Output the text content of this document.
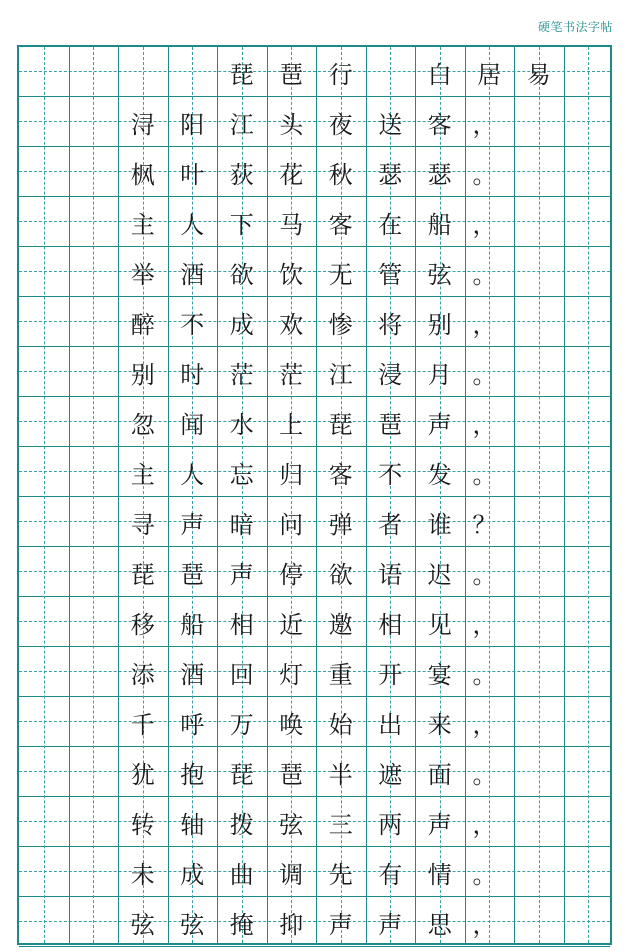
硬笔书法字帖
琵	琶	行	白	居	易
浔	阳	江	头	夜	送	客 ，
枫	叶	荻	花	秋	瑟	瑟 。
主	人	下	马	客	在	船 ，
举	酒	欲	饮	无	管	弦 。
醉	不	成	欢	惨	将	别 ，
别	时	茫	茫	江	浸	月 。
忽	闻	水	上	琵	琶	声 ，
主	人	忘	归	客	不	发 。
寻	声	暗	问	弹	者	谁 ？
琵	琶	声	停	欲	语	迟 。
移	船	相	近	邀	相	见 ，
添	酒	回	灯	重	开	宴 。
千	呼	万	唤	始	出	来 ，
犹	抱	琵	琶	半	遮	面 。
转	轴	拨	弦	三	两	声 ，
未	成	曲	调	先	有	情 。
弦	弦	掩	抑	声	声	思 ，
